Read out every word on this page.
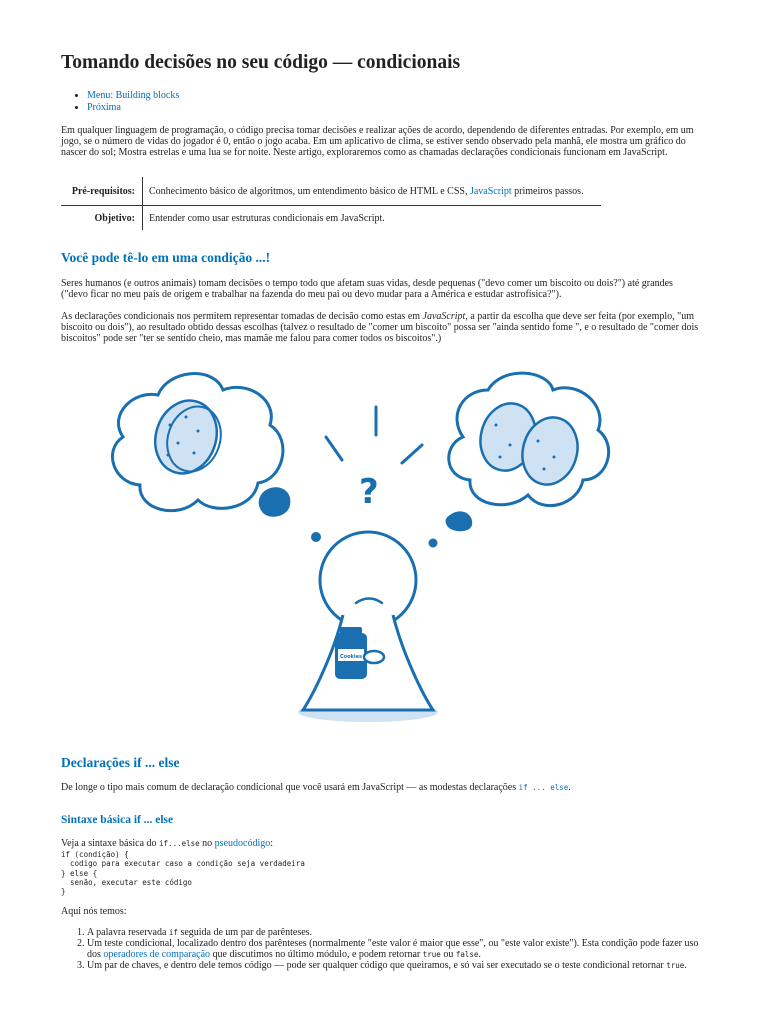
Tomando decisões no seu código — condicionais
• Menu: Building blocks
• Próxima

Em qualquer linguagem de programação, o código precisa tomar decisões e realizar ações de acordo, dependendo de diferentes entradas. Por exemplo, em um jogo, se o número de vidas do jogador é 0, então o jogo acaba. Em um aplicativo de clima, se estiver sendo observado pela manhã, ele mostra um gráfico do nascer do sol; Mostra estrelas e uma lua se for noite. Neste artigo, exploraremos como as chamadas declarações condicionais funcionam em JavaScript.

Pré-requisitos:	Conhecimento básico de algoritmos, um entendimento básico de HTML e CSS, JavaScript primeiros passos.
Objetivo:	Entender como usar estruturas condicionais em JavaScript.
Você pode tê-lo em uma condição ...!

Seres humanos (e outros animais) tomam decisões o tempo todo que afetam suas vidas, desde pequenas ("devo comer um biscoito ou dois?") até grandes ("devo ficar no meu país de origem e trabalhar na fazenda do meu pai ou devo mudar para a América e estudar astrofísica?").

As declarações condicionais nos permitem representar tomadas de decisão como estas em JavaScript, a partir da escolha que deve ser feita (por exemplo, "um biscoito ou dois"), ao resultado obtido dessas escolhas (talvez o resultado de "comer um biscoito" possa ser "ainda sentido fome ", e o resultado de "comer dois biscoitos" pode ser "ter se sentido cheio, mas mamãe me falou para comer todos os biscoitos".)

Declarações if ... else

De longe o tipo mais comum de declaração condicional que você usará em JavaScript — as modestas declarações if ... else.

Sintaxe básica if ... else

Veja a sintaxe básica do if...else no pseudocódigo:

if (condição) {
codigo para executar caso a condição seja verdadeira
} else {
senão, executar este código
}

Aqui nós temos:

1. A palavra reservada if seguida de um par de parênteses.
2. Um teste condicional, localizado dentro dos parênteses (normalmente "este valor é maior que esse", ou "este valor existe"). Esta condição pode fazer uso dos operadores de comparação que discutimos no último módulo, e podem retornar true ou false.
3. Um par de chaves, e dentro dele temos código — pode ser qualquer código que queiramos, e só vai ser executado se o teste condicional retornar true.
?
Cookies
